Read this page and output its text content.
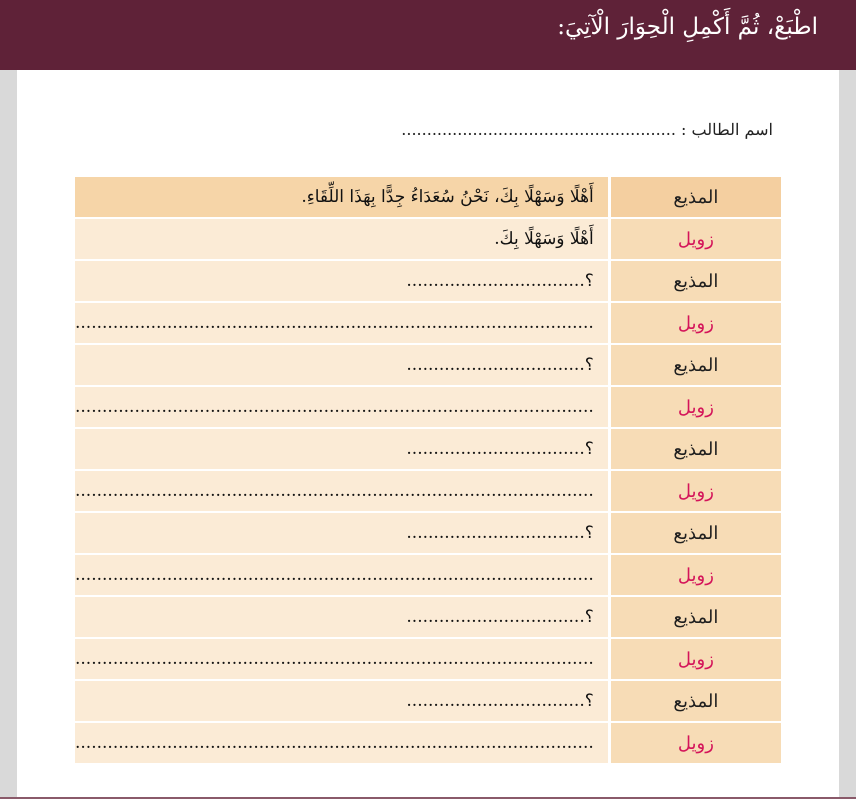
اطْبَعْ، ثُمَّ أَكْمِلِ الْحِوَارَ الْآتِيَ:
اسم الطالب : ......................................................
أَهْلًا وَسَهْلًا بِكَ، نَحْنُ سُعَدَاءُ جِدًّا بِهَذَا اللِّقَاءِ.	المذيع
أَهْلًا وَسَهْلًا بِكَ.	زويل
؟.................................	المذيع
................................................................................................	زويل
؟.................................	المذيع
................................................................................................	زويل
؟.................................	المذيع
................................................................................................	زويل
؟.................................	المذيع
................................................................................................	زويل
؟.................................	المذيع
................................................................................................	زويل
؟.................................	المذيع
................................................................................................	زويل
